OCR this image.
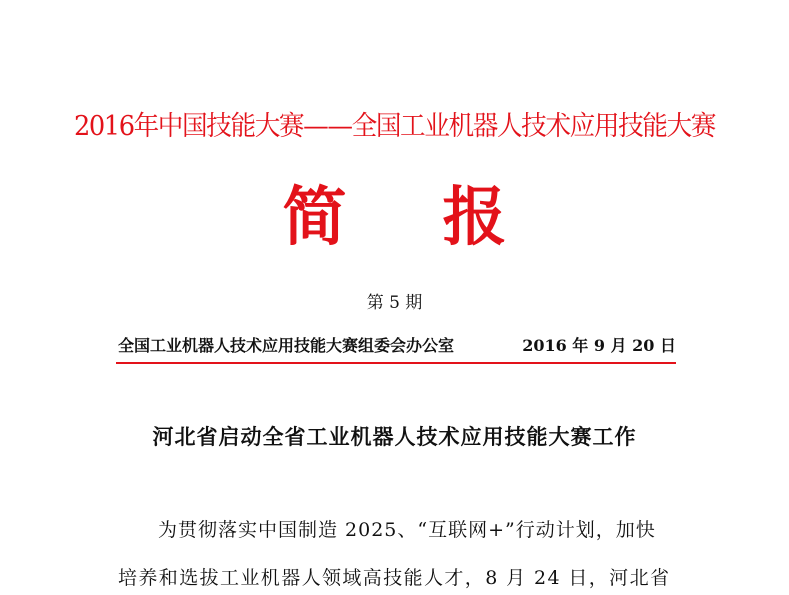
2016年中国技能大赛——全国工业机器人技术应用技能大赛
简 报
第 5 期
全国工业机器人技术应用技能大赛组委会办公室	2016 年 9 月 20 日
河北省启动全省工业机器人技术应用技能大赛工作
为贯彻落实中国制造 2025、“互联网+”行动计划，加快
培养和选拔工业机器人领域高技能人才，8 月 24 日，河北省
